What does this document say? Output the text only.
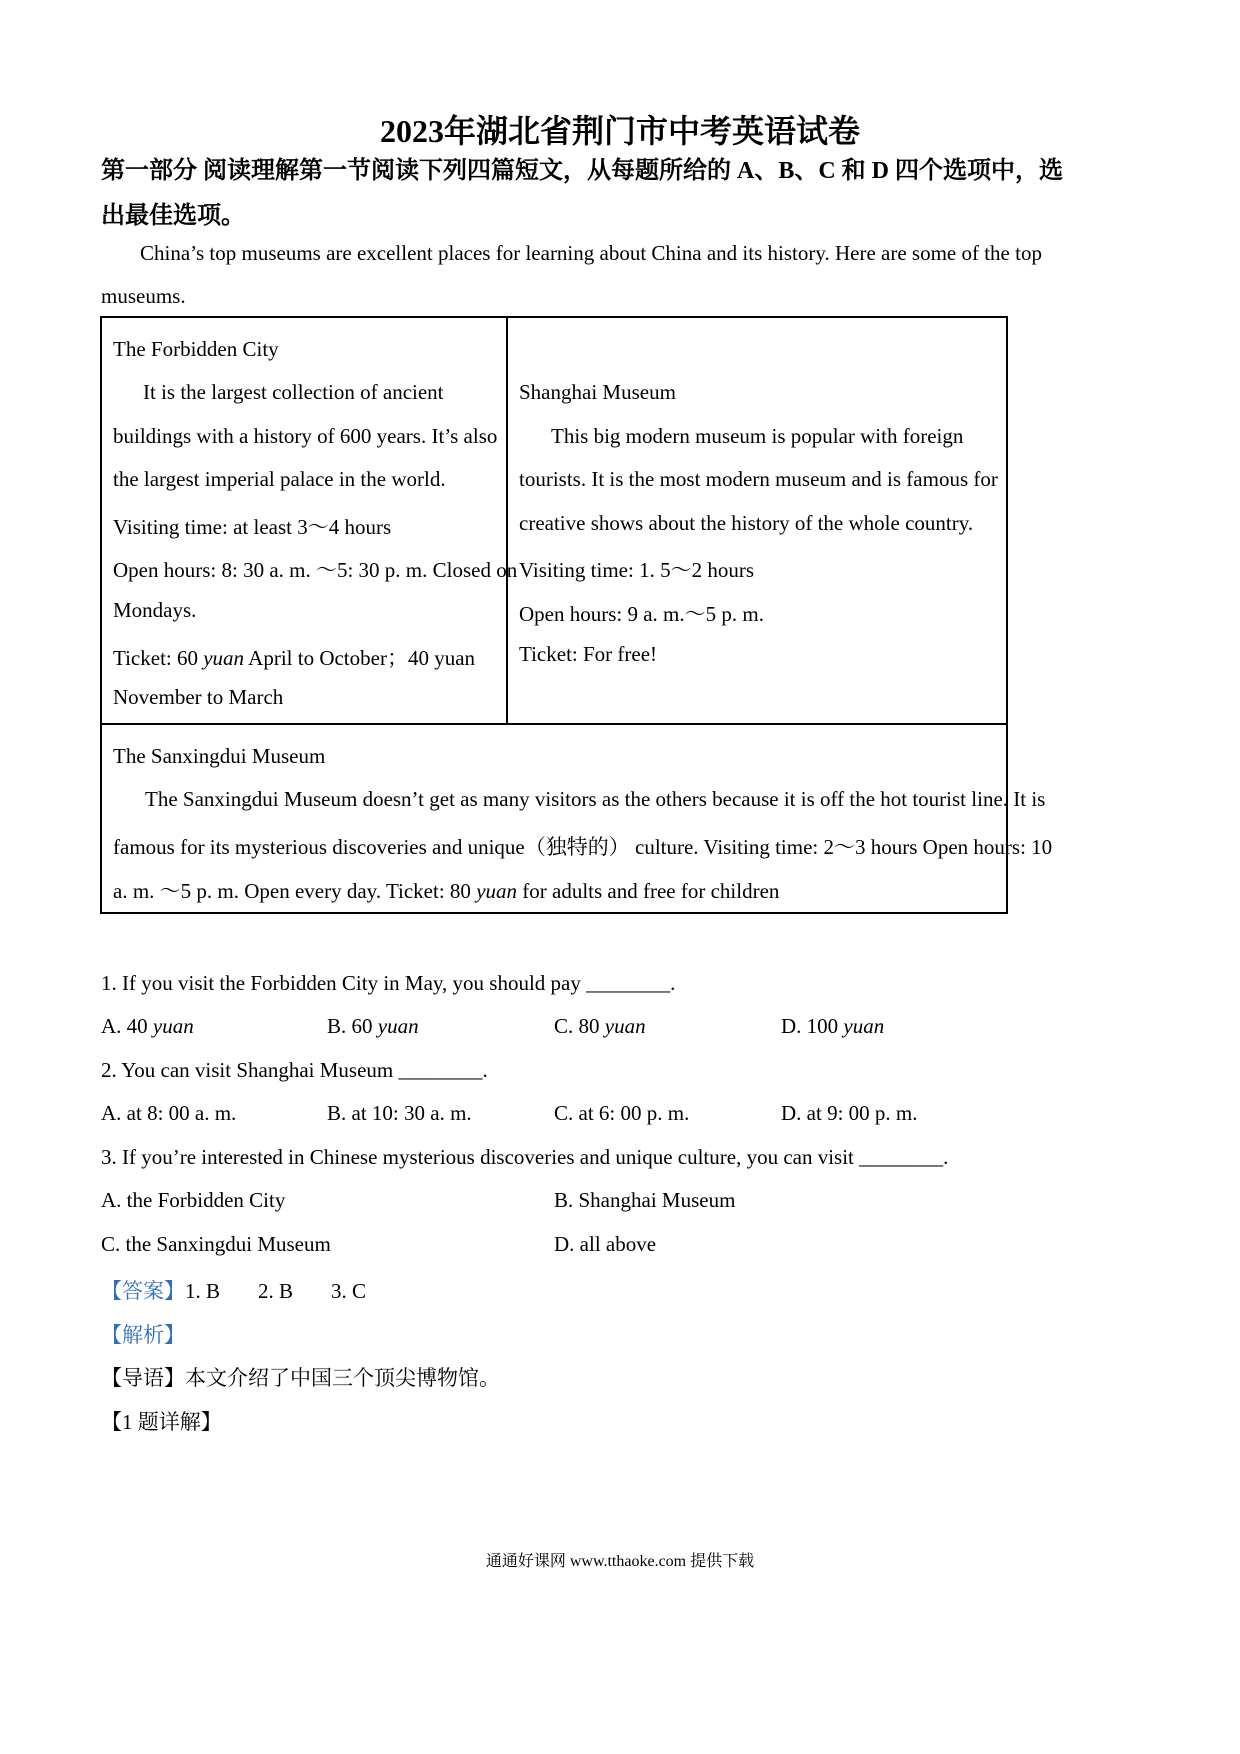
2023年湖北省荆门市中考英语试卷
第一部分 阅读理解第一节阅读下列四篇短文，从每题所给的 A、B、C 和 D 四个选项中，选
出最佳选项。
China’s top museums are excellent places for learning about China and its history. Here are some of the top
museums.
The Forbidden City
It is the largest collection of ancient
buildings with a history of 600 years. It’s also
the largest imperial palace in the world.
Visiting time: at least 3～4 hours
Open hours: 8: 30 a. m. ～5: 30 p. m. Closed on
Mondays.
Ticket: 60 yuan April to October；40 yuan
November to March
Shanghai Museum
This big modern museum is popular with foreign
tourists. It is the most modern museum and is famous for
creative shows about the history of the whole country.
Visiting time: 1. 5～2 hours
Open hours: 9 a. m.～5 p. m.
Ticket: For free!
The Sanxingdui Museum
The Sanxingdui Museum doesn’t get as many visitors as the others because it is off the hot tourist line. It is
famous for its mysterious discoveries and unique（独特的） culture. Visiting time: 2～3 hours Open hours: 10
a. m. ～5 p. m. Open every day. Ticket: 80 yuan for adults and free for children
1. If you visit the Forbidden City in May, you should pay ________.
A. 40 yuan	B. 60 yuan	C. 80 yuan	D. 100 yuan
2. You can visit Shanghai Museum ________.
A. at 8: 00 a. m.	B. at 10: 30 a. m.	C. at 6: 00 p. m.	D. at 9: 00 p. m.
3. If you’re interested in Chinese mysterious discoveries and unique culture, you can visit ________.
A. the Forbidden City	B. Shanghai Museum
C. the Sanxingdui Museum	D. all above
【答案】1. B 2. B 3. C
【解析】
【导语】本文介绍了中国三个顶尖博物馆。
【1 题详解】
通通好课网 www.tthaoke.com 提供下载
